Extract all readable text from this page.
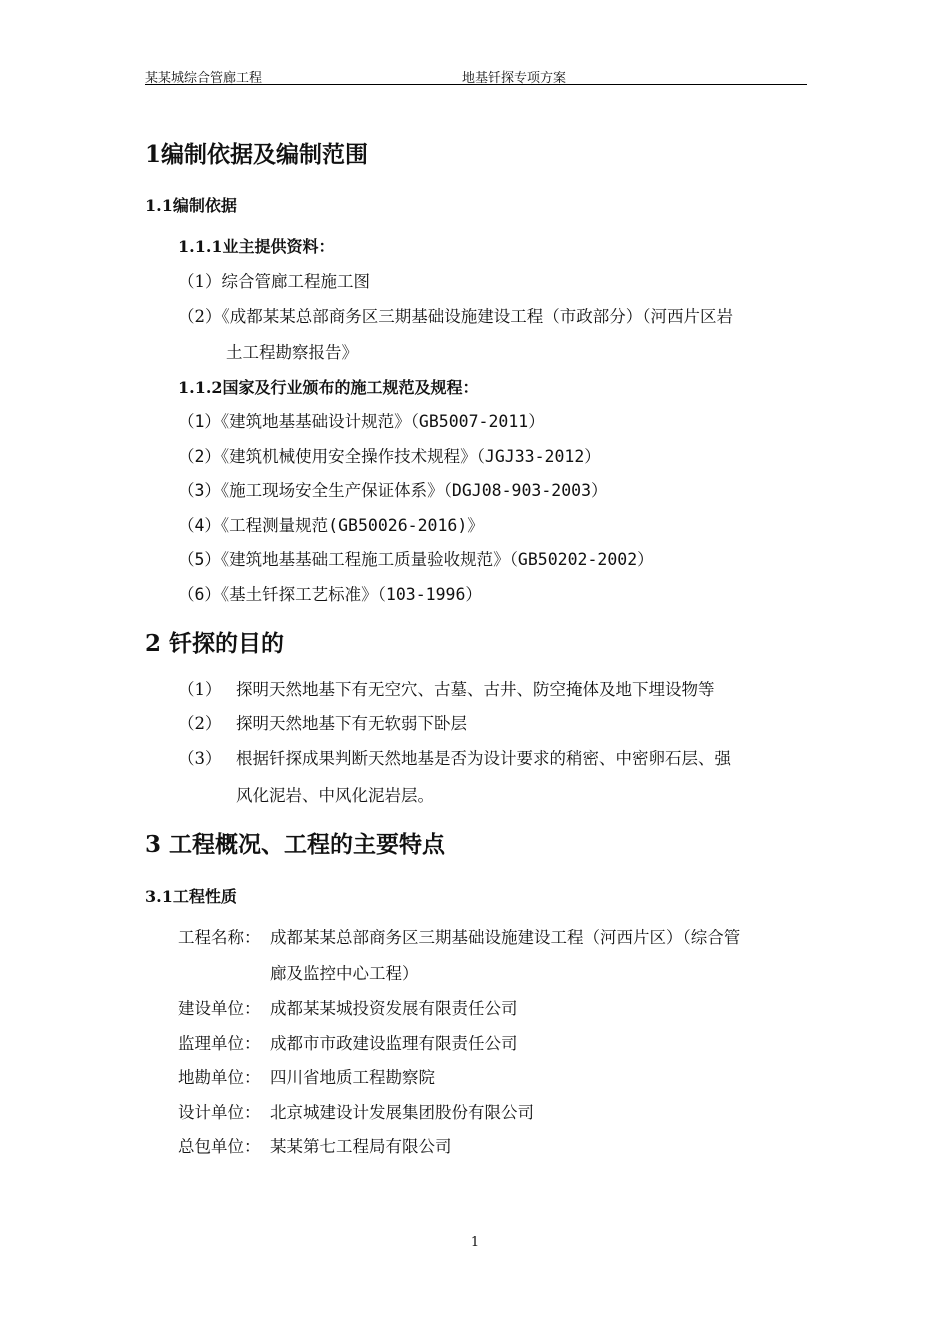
某某城综合管廊工程	地基钎探专项方案
1编制依据及编制范围
1.1编制依据
1.1.1业主提供资料：
（1）综合管廊工程施工图
（2）《成都某某总部商务区三期基础设施建设工程（市政部分）（河西片区岩
土工程勘察报告》
1.1.2国家及行业颁布的施工规范及规程：
（1）《建筑地基基础设计规范》（GB5007-2011）
（2）《建筑机械使用安全操作技术规程》（JGJ33-2012）
（3）《施工现场安全生产保证体系》（DGJ08-903-2003）
（4）《工程测量规范(GB50026-2016)》
（5）《建筑地基基础工程施工质量验收规范》（GB50202-2002）
（6）《基土钎探工艺标准》（103-1996）
2 钎探的目的
（1） 探明天然地基下有无空穴、古墓、古井、防空掩体及地下埋设物等
（2） 探明天然地基下有无软弱下卧层
（3） 根据钎探成果判断天然地基是否为设计要求的稍密、中密卵石层、强
风化泥岩、中风化泥岩层。
3 工程概况、工程的主要特点
3.1工程性质
工程名称： 成都某某总部商务区三期基础设施建设工程（河西片区）（综合管
廊及监控中心工程）
建设单位： 成都某某城投资发展有限责任公司
监理单位： 成都市市政建设监理有限责任公司
地勘单位： 四川省地质工程勘察院
设计单位： 北京城建设计发展集团股份有限公司
总包单位： 某某第七工程局有限公司
1
